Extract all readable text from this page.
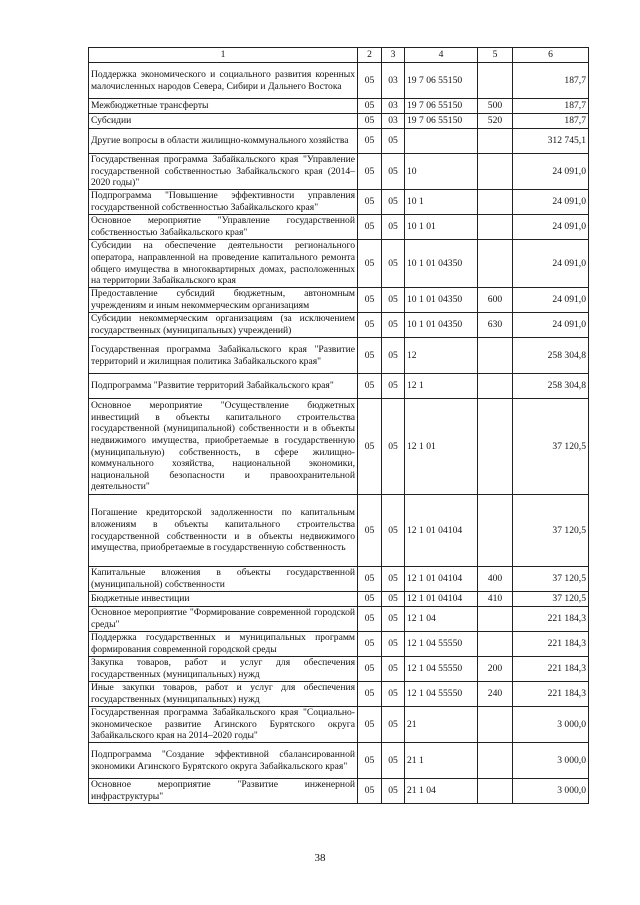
1	2	3	4	5	6
Поддержка экономического и социального развития коренных малочисленных народов Севера, Сибири и Дальнего Востока	05	03	19 7 06 55150		187,7
Межбюджетные трансферты	05	03	19 7 06 55150	500	187,7
Субсидии	05	03	19 7 06 55150	520	187,7
Другие вопросы в области жилищно-коммунального хозяйства	05	05			312 745,1
Государственная программа Забайкальского края "Управление государственной собственностью Забайкальского края (2014–2020 годы)"	05	05	10		24 091,0
Подпрограмма "Повышение эффективности управления государственной собственностью Забайкальского края"	05	05	10 1		24 091,0
Основное мероприятие "Управление государственной собственностью Забайкальского края"	05	05	10 1 01		24 091,0
Субсидии на обеспечение деятельности регионального оператора, направленной на проведение капитального ремонта общего имущества в многоквартирных домах, расположенных на территории Забайкальского края	05	05	10 1 01 04350		24 091,0
Предоставление субсидий бюджетным, автономным учреждениям и иным некоммерческим организациям	05	05	10 1 01 04350	600	24 091,0
Субсидии некоммерческим организациям (за исключением государственных (муниципальных) учреждений)	05	05	10 1 01 04350	630	24 091,0
Государственная программа Забайкальского края "Развитие территорий и жилищная политика Забайкальского края"	05	05	12		258 304,8
Подпрограмма "Развитие территорий Забайкальского края"	05	05	12 1		258 304,8
Основное мероприятие "Осуществление бюджетных инвестиций в объекты капитального строительства государственной (муниципальной) собственности и в объекты недвижимого имущества, приобретаемые в государственную (муниципальную) собственность, в сфере жилищно-коммунального хозяйства, национальной экономики, национальной безопасности и правоохранительной деятельности"	05	05	12 1 01		37 120,5
Погашение кредиторской задолженности по капитальным вложениям в объекты капитального строительства государственной собственности и в объекты недвижимого имущества, приобретаемые в государственную собственность	05	05	12 1 01 04104		37 120,5
Капитальные вложения в объекты государственной (муниципальной) собственности	05	05	12 1 01 04104	400	37 120,5
Бюджетные инвестиции	05	05	12 1 01 04104	410	37 120,5
Основное мероприятие "Формирование современной городской среды"	05	05	12 1 04		221 184,3
Поддержка государственных и муниципальных программ формирования современной городской среды	05	05	12 1 04 55550		221 184,3
Закупка товаров, работ и услуг для обеспечения государственных (муниципальных) нужд	05	05	12 1 04 55550	200	221 184,3
Иные закупки товаров, работ и услуг для обеспечения государственных (муниципальных) нужд	05	05	12 1 04 55550	240	221 184,3
Государственная программа Забайкальского края "Социально-экономическое развитие Агинского Бурятского округа Забайкальского края на 2014–2020 годы"	05	05	21		3 000,0
Подпрограмма "Создание эффективной сбалансированной экономики Агинского Бурятского округа Забайкальского края"	05	05	21 1		3 000,0
Основное мероприятие "Развитие инженерной инфраструктуры"	05	05	21 1 04		3 000,0
38
